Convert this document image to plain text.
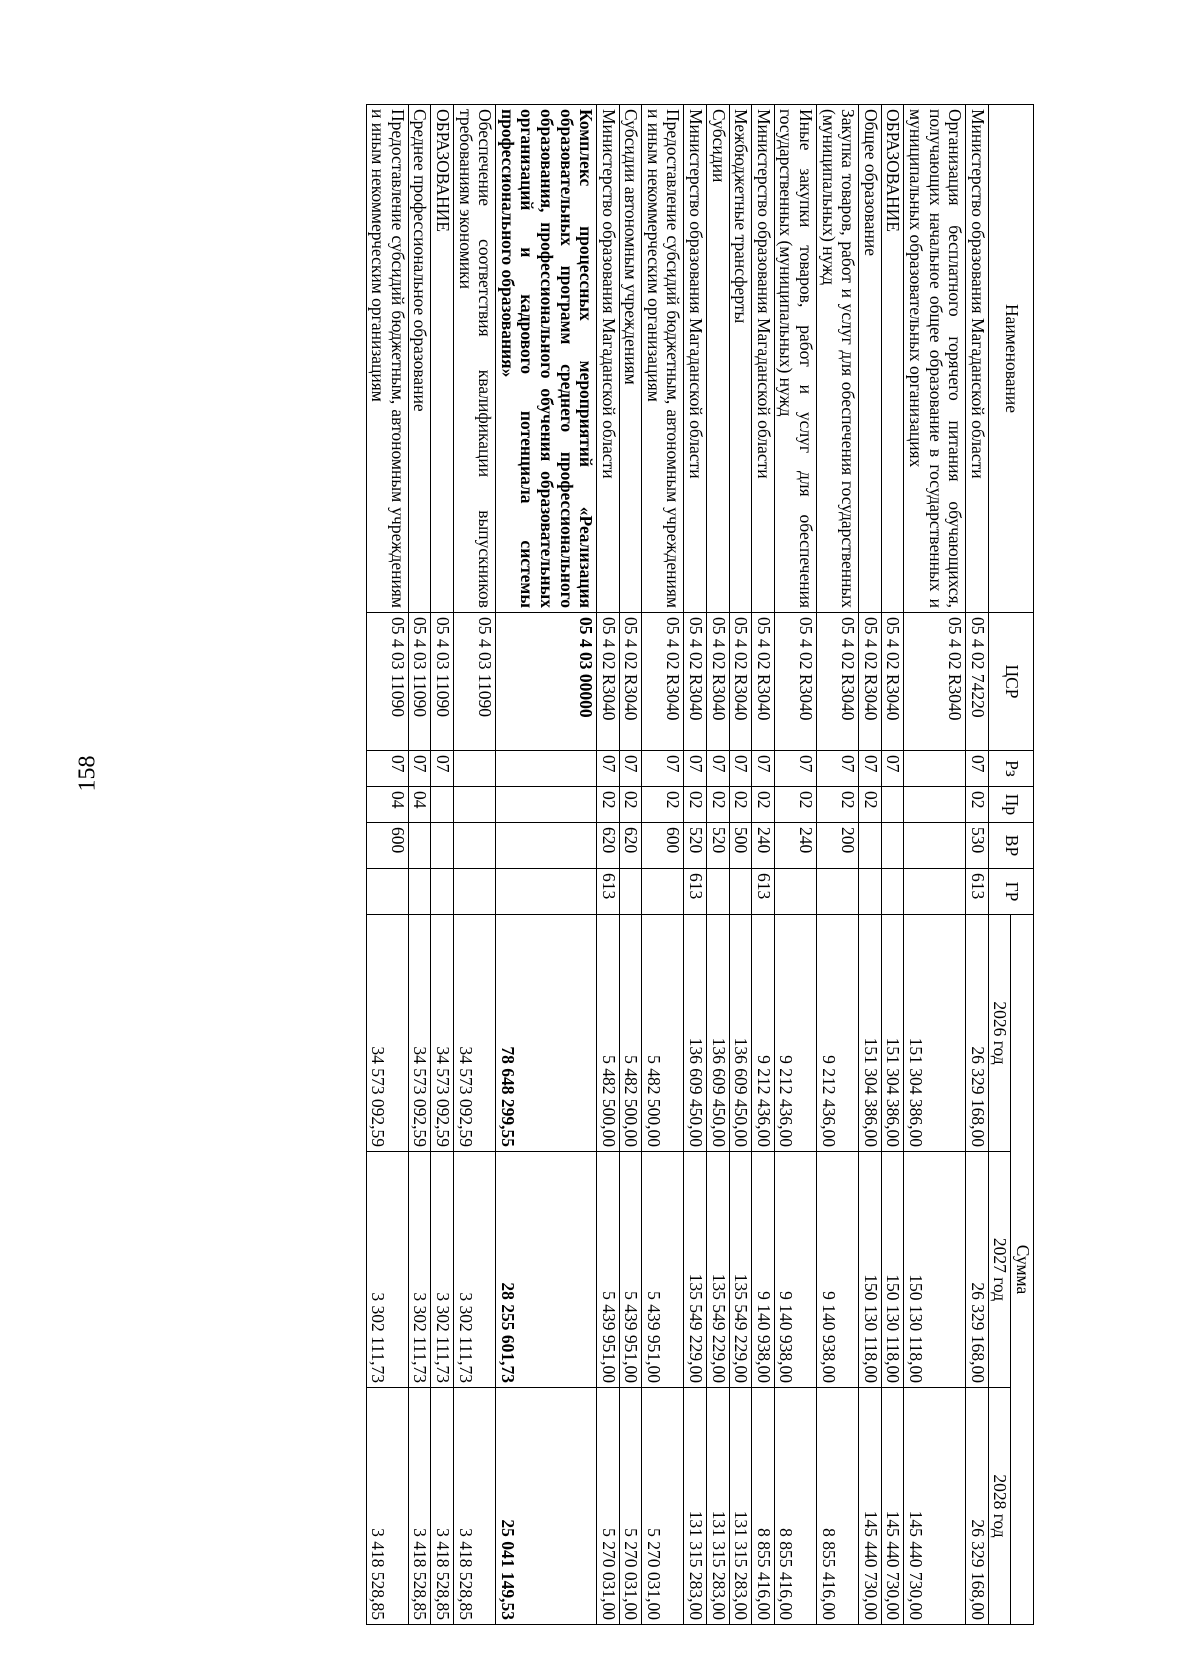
158
Наименование	ЦСР	Рз	Пр	ВР	ГР	Сумма		
						2026 год	2027 год	2028 год
Министерство образования Магаданской области	05 4 02 74220	07	02	530	613	26 329 168,00	26 329 168,00	26 329 168,00
Организация бесплатного горячего питания обучающихся, получающих начальное общее образование в государственных и муниципальных образовательных организациях	05 4 02 R3040					151 304 386,00	150 130 118,00	145 440 730,00
ОБРАЗОВАНИЕ	05 4 02 R3040	07				151 304 386,00	150 130 118,00	145 440 730,00
Общее образование	05 4 02 R3040	07	02			151 304 386,00	150 130 118,00	145 440 730,00
Закупка товаров, работ и услуг для обеспечения государственных (муниципальных) нужд	05 4 02 R3040	07	02	200		9 212 436,00	9 140 938,00	8 855 416,00
Иные закупки товаров, работ и услуг для обеспечения государственных (муниципальных) нужд	05 4 02 R3040	07	02	240		9 212 436,00	9 140 938,00	8 855 416,00
Министерство образования Магаданской области	05 4 02 R3040	07	02	240	613	9 212 436,00	9 140 938,00	8 855 416,00
Межбюджетные трансферты	05 4 02 R3040	07	02	500		136 609 450,00	135 549 229,00	131 315 283,00
Субсидии	05 4 02 R3040	07	02	520		136 609 450,00	135 549 229,00	131 315 283,00
Министерство образования Магаданской области	05 4 02 R3040	07	02	520	613	136 609 450,00	135 549 229,00	131 315 283,00
Предоставление субсидий бюджетным, автономным учреждениям и иным некоммерческим организациям	05 4 02 R3040	07	02	600		5 482 500,00	5 439 951,00	5 270 031,00
Субсидии автономным учреждениям	05 4 02 R3040	07	02	620		5 482 500,00	5 439 951,00	5 270 031,00
Министерство образования Магаданской области	05 4 02 R3040	07	02	620	613	5 482 500,00	5 439 951,00	5 270 031,00
Комплекс процессных мероприятий «Реализация образовательных программ среднего профессионального образования, профессионального обучения образовательных организаций и кадрового потенциала системы профессионального образования»	05 4 03 00000					78 648 299,55	28 255 601,73	25 041 149,53
Обеспечение соответствия квалификации выпускников требованиям экономики	05 4 03 11090					34 573 092,59	3 302 111,73	3 418 528,85
ОБРАЗОВАНИЕ	05 4 03 11090	07				34 573 092,59	3 302 111,73	3 418 528,85
Среднее профессиональное образование	05 4 03 11090	07	04			34 573 092,59	3 302 111,73	3 418 528,85
Предоставление субсидий бюджетным, автономным учреждениям и иным некоммерческим организациям	05 4 03 11090	07	04	600		34 573 092,59	3 302 111,73	3 418 528,85
